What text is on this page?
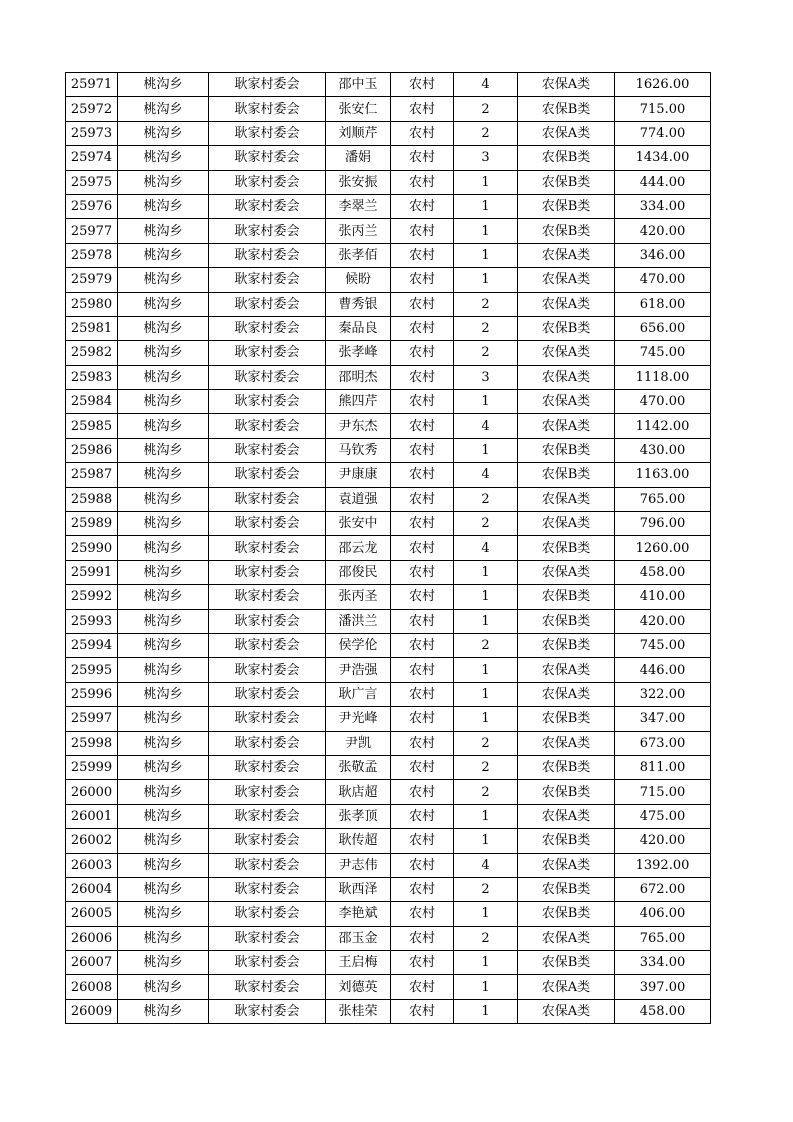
25971	桃沟乡	耿家村委会	邵中玉	农村	4	农保A类	1626.00
25972	桃沟乡	耿家村委会	张安仁	农村	2	农保B类	715.00
25973	桃沟乡	耿家村委会	刘顺芹	农村	2	农保A类	774.00
25974	桃沟乡	耿家村委会	潘娟	农村	3	农保B类	1434.00
25975	桃沟乡	耿家村委会	张安振	农村	1	农保B类	444.00
25976	桃沟乡	耿家村委会	李翠兰	农村	1	农保B类	334.00
25977	桃沟乡	耿家村委会	张丙兰	农村	1	农保B类	420.00
25978	桃沟乡	耿家村委会	张孝佰	农村	1	农保A类	346.00
25979	桃沟乡	耿家村委会	候盼	农村	1	农保A类	470.00
25980	桃沟乡	耿家村委会	曹秀银	农村	2	农保A类	618.00
25981	桃沟乡	耿家村委会	秦品良	农村	2	农保B类	656.00
25982	桃沟乡	耿家村委会	张孝峰	农村	2	农保A类	745.00
25983	桃沟乡	耿家村委会	邵明杰	农村	3	农保A类	1118.00
25984	桃沟乡	耿家村委会	熊四芹	农村	1	农保A类	470.00
25985	桃沟乡	耿家村委会	尹东杰	农村	4	农保A类	1142.00
25986	桃沟乡	耿家村委会	马钦秀	农村	1	农保B类	430.00
25987	桃沟乡	耿家村委会	尹康康	农村	4	农保B类	1163.00
25988	桃沟乡	耿家村委会	袁道强	农村	2	农保A类	765.00
25989	桃沟乡	耿家村委会	张安中	农村	2	农保A类	796.00
25990	桃沟乡	耿家村委会	邵云龙	农村	4	农保B类	1260.00
25991	桃沟乡	耿家村委会	邵俊民	农村	1	农保A类	458.00
25992	桃沟乡	耿家村委会	张丙圣	农村	1	农保B类	410.00
25993	桃沟乡	耿家村委会	潘洪兰	农村	1	农保B类	420.00
25994	桃沟乡	耿家村委会	侯学伦	农村	2	农保B类	745.00
25995	桃沟乡	耿家村委会	尹浩强	农村	1	农保A类	446.00
25996	桃沟乡	耿家村委会	耿广言	农村	1	农保A类	322.00
25997	桃沟乡	耿家村委会	尹光峰	农村	1	农保B类	347.00
25998	桃沟乡	耿家村委会	尹凯	农村	2	农保A类	673.00
25999	桃沟乡	耿家村委会	张敬孟	农村	2	农保B类	811.00
26000	桃沟乡	耿家村委会	耿店超	农村	2	农保B类	715.00
26001	桃沟乡	耿家村委会	张孝顶	农村	1	农保A类	475.00
26002	桃沟乡	耿家村委会	耿传超	农村	1	农保B类	420.00
26003	桃沟乡	耿家村委会	尹志伟	农村	4	农保A类	1392.00
26004	桃沟乡	耿家村委会	耿西泽	农村	2	农保B类	672.00
26005	桃沟乡	耿家村委会	李艳斌	农村	1	农保B类	406.00
26006	桃沟乡	耿家村委会	邵玉金	农村	2	农保A类	765.00
26007	桃沟乡	耿家村委会	王启梅	农村	1	农保B类	334.00
26008	桃沟乡	耿家村委会	刘德英	农村	1	农保A类	397.00
26009	桃沟乡	耿家村委会	张桂荣	农村	1	农保A类	458.00
